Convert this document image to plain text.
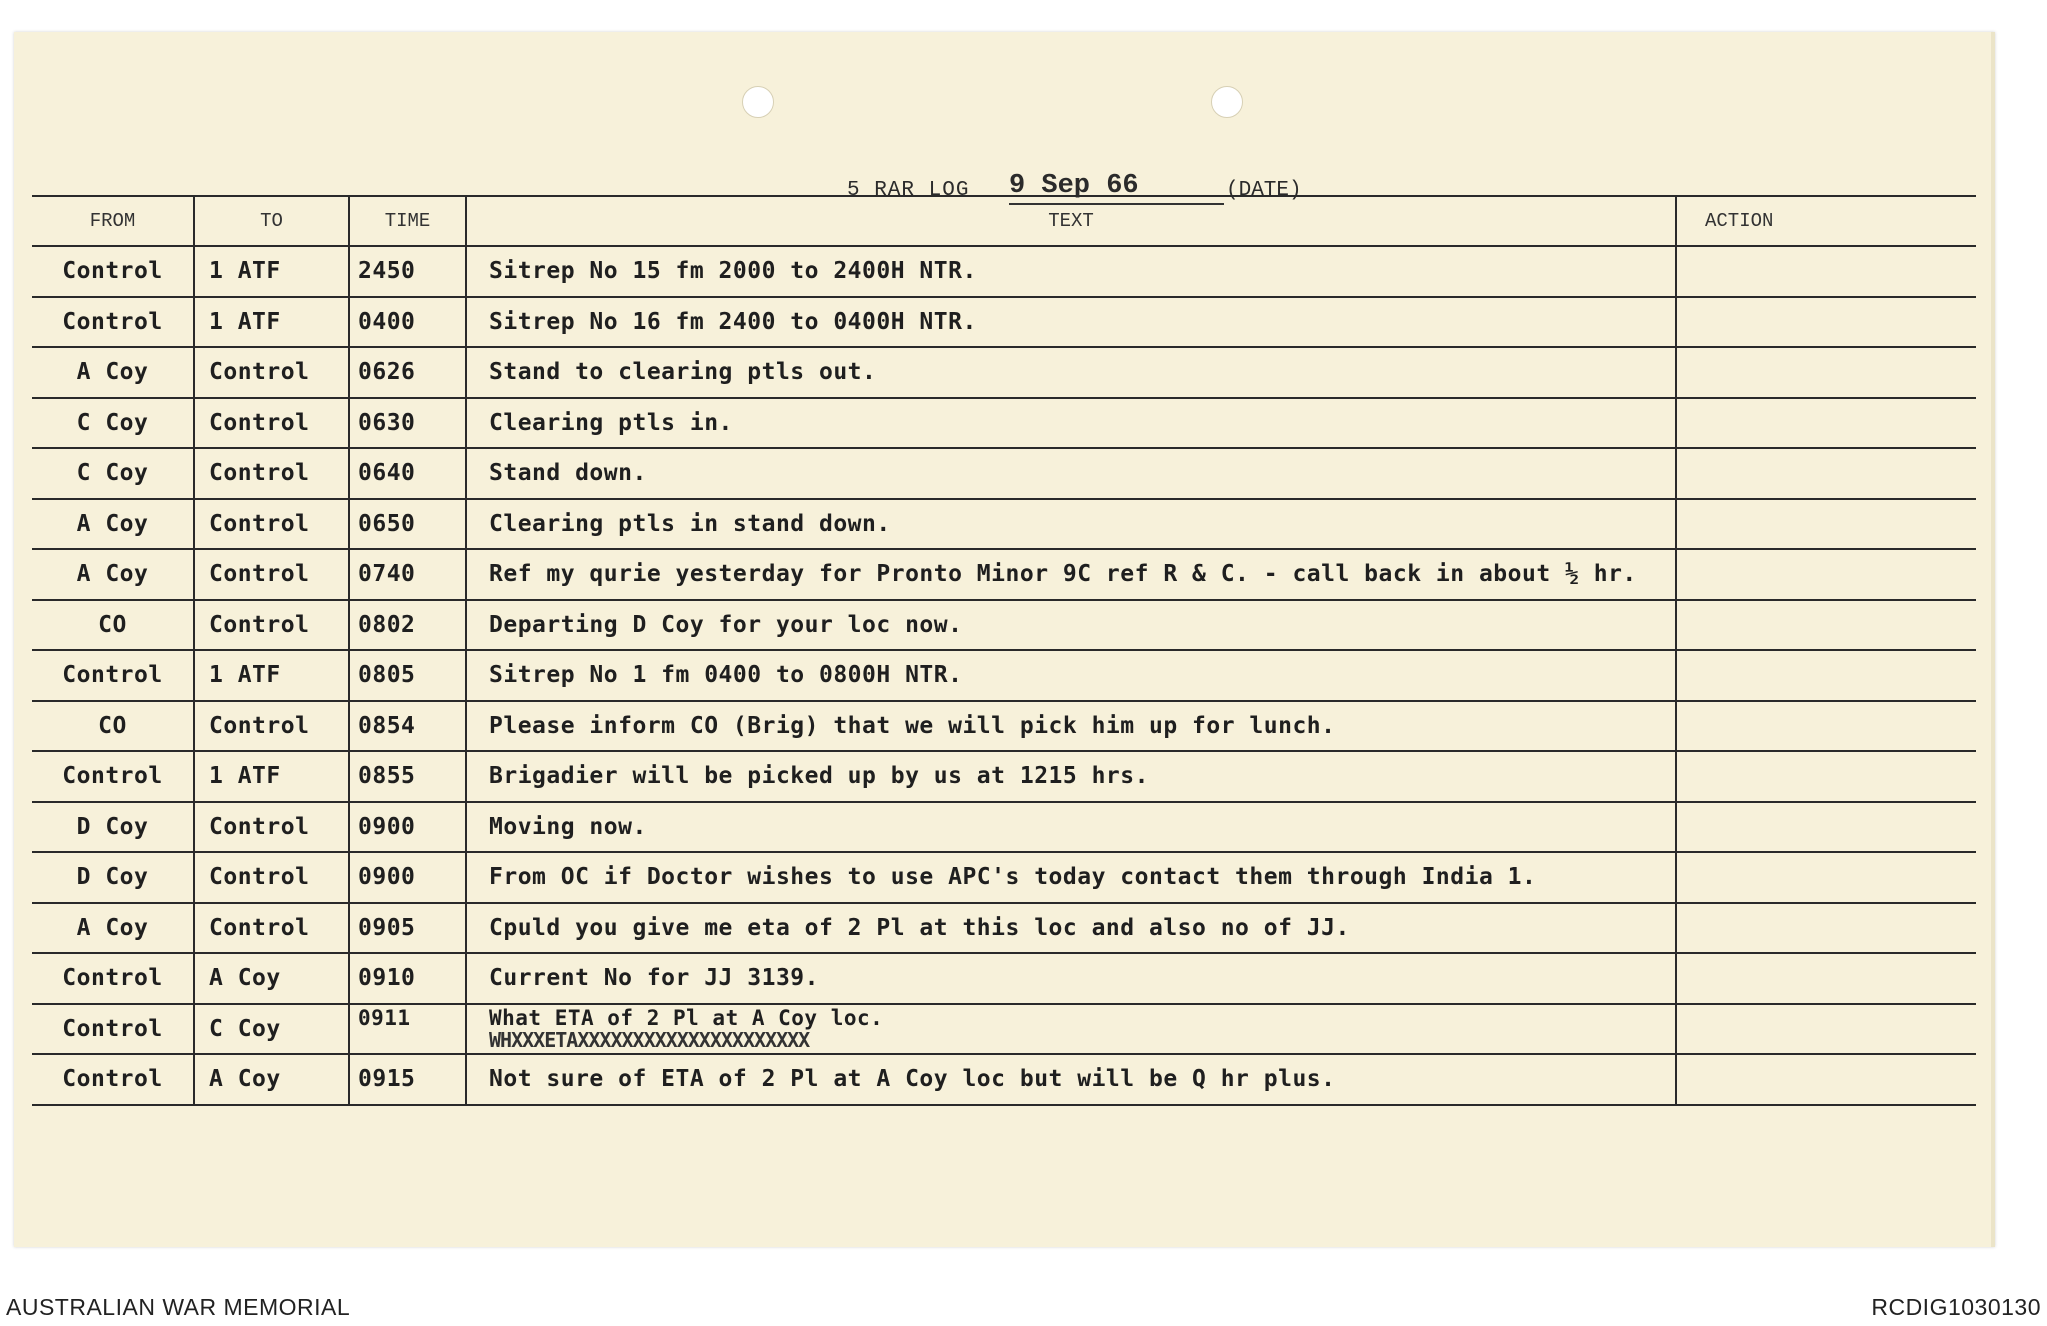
5 RAR LOG 9 Sep 66	(DATE)
FROM	TO	TIME	TEXT	ACTION
Control	1 ATF	2450	Sitrep No 15 fm 2000 to 2400H NTR.	
Control	1 ATF	0400	Sitrep No 16 fm 2400 to 0400H NTR.	
A Coy	Control	0626	Stand to clearing ptls out.	
C Coy	Control	0630	Clearing ptls in.	
C Coy	Control	0640	Stand down.	
A Coy	Control	0650	Clearing ptls in stand down.	
A Coy	Control	0740	Ref my qurie yesterday for Pronto Minor 9C ref R & C. - call back in about ½ hr.	
CO	Control	0802	Departing D Coy for your loc now.	
Control	1 ATF	0805	Sitrep No 1 fm 0400 to 0800H NTR.	
CO	Control	0854	Please inform CO (Brig) that we will pick him up for lunch.	
Control	1 ATF	0855	Brigadier will be picked up by us at 1215 hrs.	
D Coy	Control	0900	Moving now.	
D Coy	Control	0900	From OC if Doctor wishes to use APC's today contact them through India 1.	
A Coy	Control	0905	Cpuld you give me eta of 2 Pl at this loc and also no of JJ.	
Control	A Coy	0910	Current No for JJ 3139.	
Control	C Coy	0911	What ETA of 2 Pl at A Coy loc.
WHXXXETAXXXXXXXXXXXXXXXXXXXXX	

Control	A Coy	0915	Not sure of ETA of 2 Pl at A Coy loc but will be Q hr plus.	
AUSTRALIAN WAR MEMORIAL	RCDIG1030130
